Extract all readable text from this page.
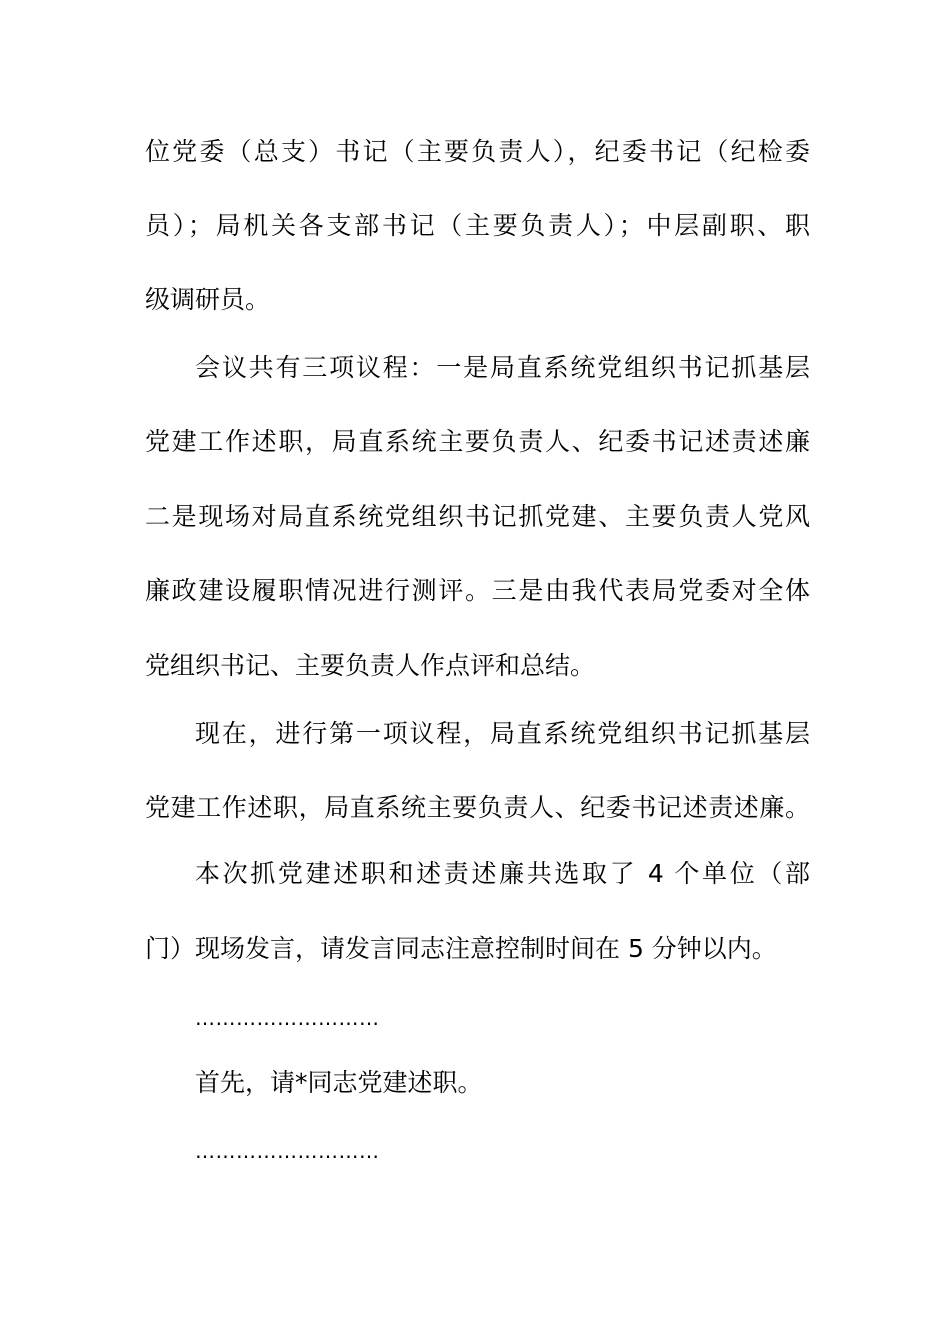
位党委（总支）书记（主要负责人），纪委书记（纪检委
员）；局机关各支部书记（主要负责人）；中层副职、职
级调研员。
会议共有三项议程：一是局直系统党组织书记抓基层
党建工作述职，局直系统主要负责人、纪委书记述责述廉
二是现场对局直系统党组织书记抓党建、主要负责人党风
廉政建设履职情况进行测评。三是由我代表局党委对全体
党组织书记、主要负责人作点评和总结。
现在，进行第一项议程，局直系统党组织书记抓基层
党建工作述职，局直系统主要负责人、纪委书记述责述廉。
本次抓党建述职和述责述廉共选取了 4 个单位（部
门）现场发言，请发言同志注意控制时间在 5 分钟以内。
………………………
首先，请*同志党建述职。
………………………
